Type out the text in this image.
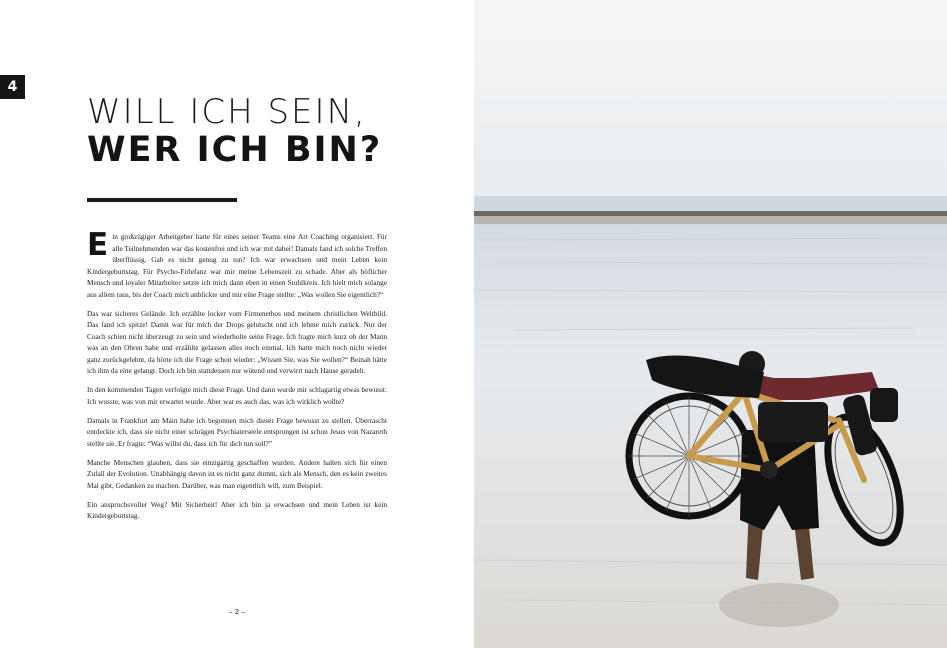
4
WILL ICH SEIN,
WER ICH BIN?

Ein großzügiger Arbeitgeber hatte für eines seiner Teams eine Art Coaching organisiert. Für alle Teilnehmenden war das kostenfrei und ich war mit dabei! Damals fand ich solche Treffen überflüssig. Gab es nicht genug zu tun? Ich war erwachsen und mein Leben kein Kindergeburtstag. Für Psycho-Firlefanz war mir meine Lebenszeit zu schade. Aber als höflicher Mensch und loyaler Mitarbeiter setzte ich mich dann eben in einen Stuhlkreis. Ich hielt mich solange aus allem raus, bis der Coach mich anblickte und mir eine Frage stellte: „Was wollen Sie eigentlich?“

Das war sicheres Gelände. Ich erzählte locker vom Firmenethos und meinem christlichen Weltbild. Das fand ich spitze! Damit war für mich der Drops gelutscht und ich lehnte mich zurück. Nur der Coach schien nicht überzeugt zu sein und wiederholte seine Frage. Ich fragte mich kurz ob der Mann was an den Ohren habe und erzählte gelassen alles noch einmal. Ich hatte mich noch nicht wieder ganz zurückgelehnt, da hörte ich die Frage schon wieder: „Wissen Sie, was Sie wollen?“ Beinah hätte ich ihm da eine gelangt. Doch ich bin stattdessen nur wütend und verwirrt nach Hause geradelt.

In den kommenden Tagen verfolgte mich diese Frage. Und dann wurde mir schlagartig etwas bewusst: Ich wusste, was von mir erwartet wurde. Aber war es auch das, was ich wirklich wollte?

Damals in Frankfurt am Main habe ich begonnen mich dieser Frage bewusst zu stellen. Überrascht entdeckte ich, dass sie nicht einer schrägen Psychiaterseele entsprungen ist schon Jesus von Nazareth stellte sie. Er fragte: “Was willst du, dass ich für dich tun soll?”

Manche Menschen glauben, dass sie einzigartig geschaffen wurden. Andere halten sich für einen Zufall der Evolution. Unabhängig davon ist es nicht ganz dumm, sich als Mensch, den es kein zweites Mal gibt, Gedanken zu machen. Darüber, was man eigentlich will, zum Beispiel.

Ein anspruchsvoller Weg? Mit Sicherheit! Aber ich bin ja erwachsen und mein Leben ist kein Kindergeburtstag.

– 2 –
